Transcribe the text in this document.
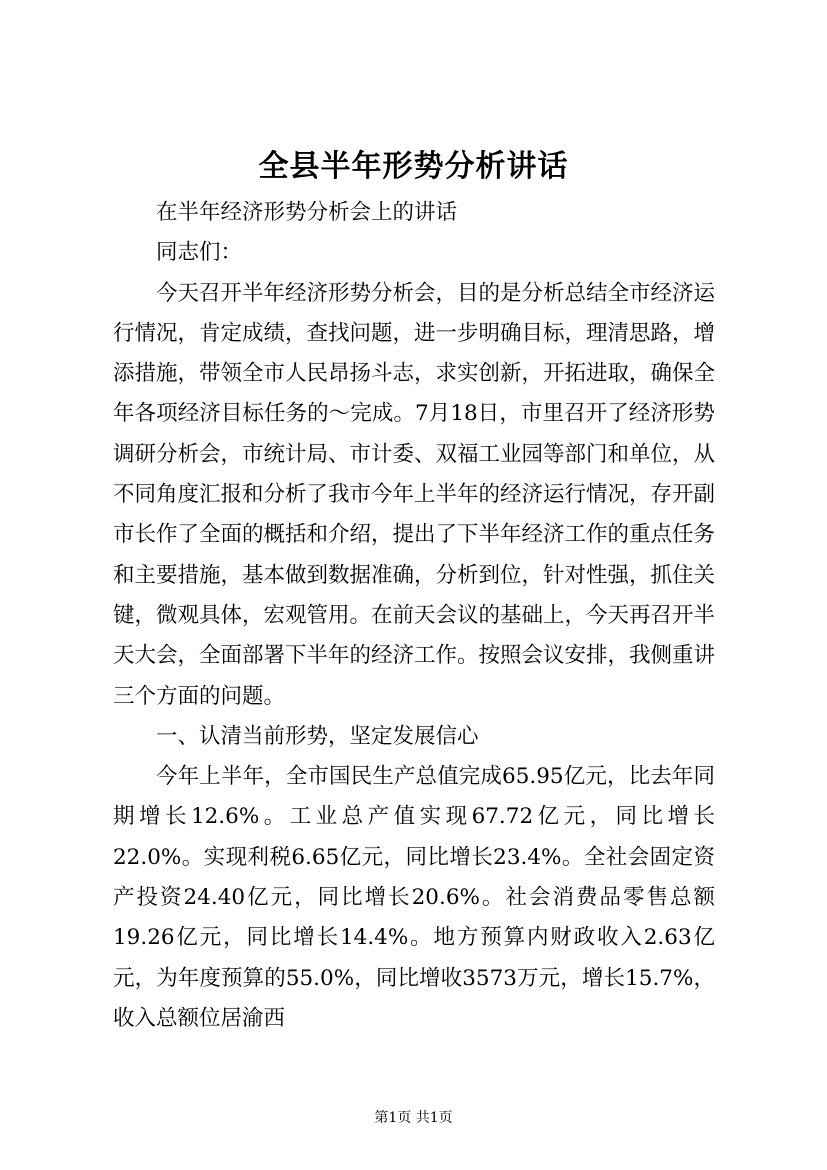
全县半年形势分析讲话

在半年经济形势分析会上的讲话

同志们：

今天召开半年经济形势分析会，目的是分析总结全市经济运行情况，肯定成绩，查找问题，进一步明确目标，理清思路，增添措施，带领全市人民昂扬斗志，求实创新，开拓进取，确保全年各项经济目标任务的～完成。7月18日，市里召开了经济形势调研分析会，市统计局、市计委、双福工业园等部门和单位，从不同角度汇报和分析了我市今年上半年的经济运行情况，存开副市长作了全面的概括和介绍，提出了下半年经济工作的重点任务和主要措施，基本做到数据准确，分析到位，针对性强，抓住关键，微观具体，宏观管用。在前天会议的基础上，今天再召开半天大会，全面部署下半年的经济工作。按照会议安排，我侧重讲三个方面的问题。

一、认清当前形势，坚定发展信心

今年上半年，全市国民生产总值完成65.95亿元，比去年同期增长12.6%。工业总产值实现67.72亿元，同比增长22.0%。实现利税6.65亿元，同比增长23.4%。全社会固定资产投资24.40亿元，同比增长20.6%。社会消费品零售总额19.26亿元，同比增长14.4%。地方预算内财政收入2.63亿元，为年度预算的55.0%，同比增收3573万元，增长15.7%，收入总额位居渝西

第1页 共1页
